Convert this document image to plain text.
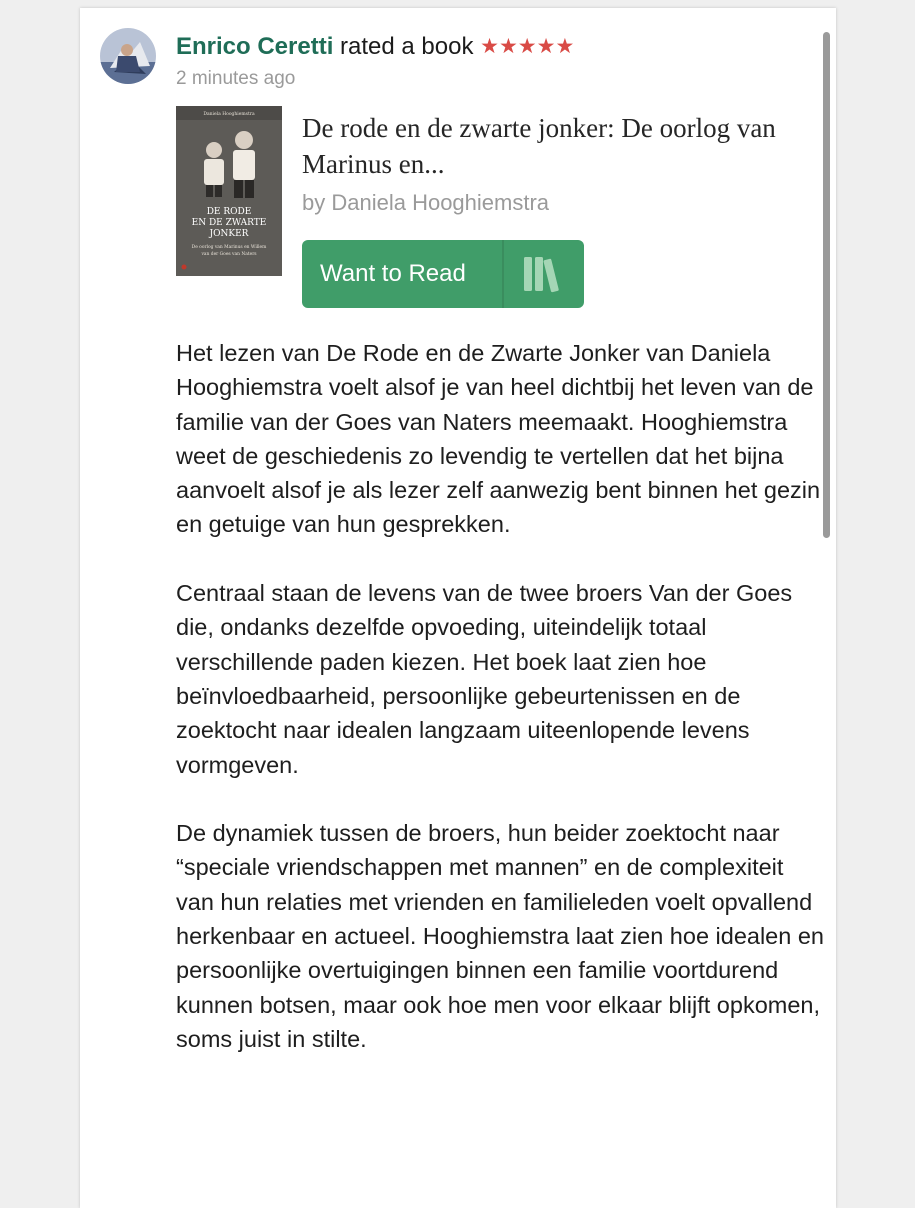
Enrico Ceretti rated a book ★★★★★
2 minutes ago
Daniela Hooghiemstra
DE RODE
EN DE ZWARTE
JONKER
De oorlog van Marinus en Willem
van der Goes van Naters
De rode en de zwarte jonker: De oorlog van Marinus en...
by Daniela Hooghiemstra
Want to Read

Het lezen van De Rode en de Zwarte Jonker van Daniela Hooghiemstra voelt alsof je van heel dichtbij het leven van de familie van der Goes van Naters meemaakt. Hooghiemstra weet de geschiedenis zo levendig te vertellen dat het bijna aanvoelt alsof je als lezer zelf aanwezig bent binnen het gezin en getuige van hun gesprekken.

Centraal staan de levens van de twee broers Van der Goes die, ondanks dezelfde opvoeding, uiteindelijk totaal verschillende paden kiezen. Het boek laat zien hoe beïnvloedbaarheid, persoonlijke gebeurtenissen en de zoektocht naar idealen langzaam uiteenlopende levens vormgeven.

De dynamiek tussen de broers, hun beider zoektocht naar “speciale vriendschappen met mannen” en de complexiteit van hun relaties met vrienden en familieleden voelt opvallend herkenbaar en actueel. Hooghiemstra laat zien hoe idealen en persoonlijke overtuigingen binnen een familie voortdurend kunnen botsen, maar ook hoe men voor elkaar blijft opkomen, soms juist in stilte.
